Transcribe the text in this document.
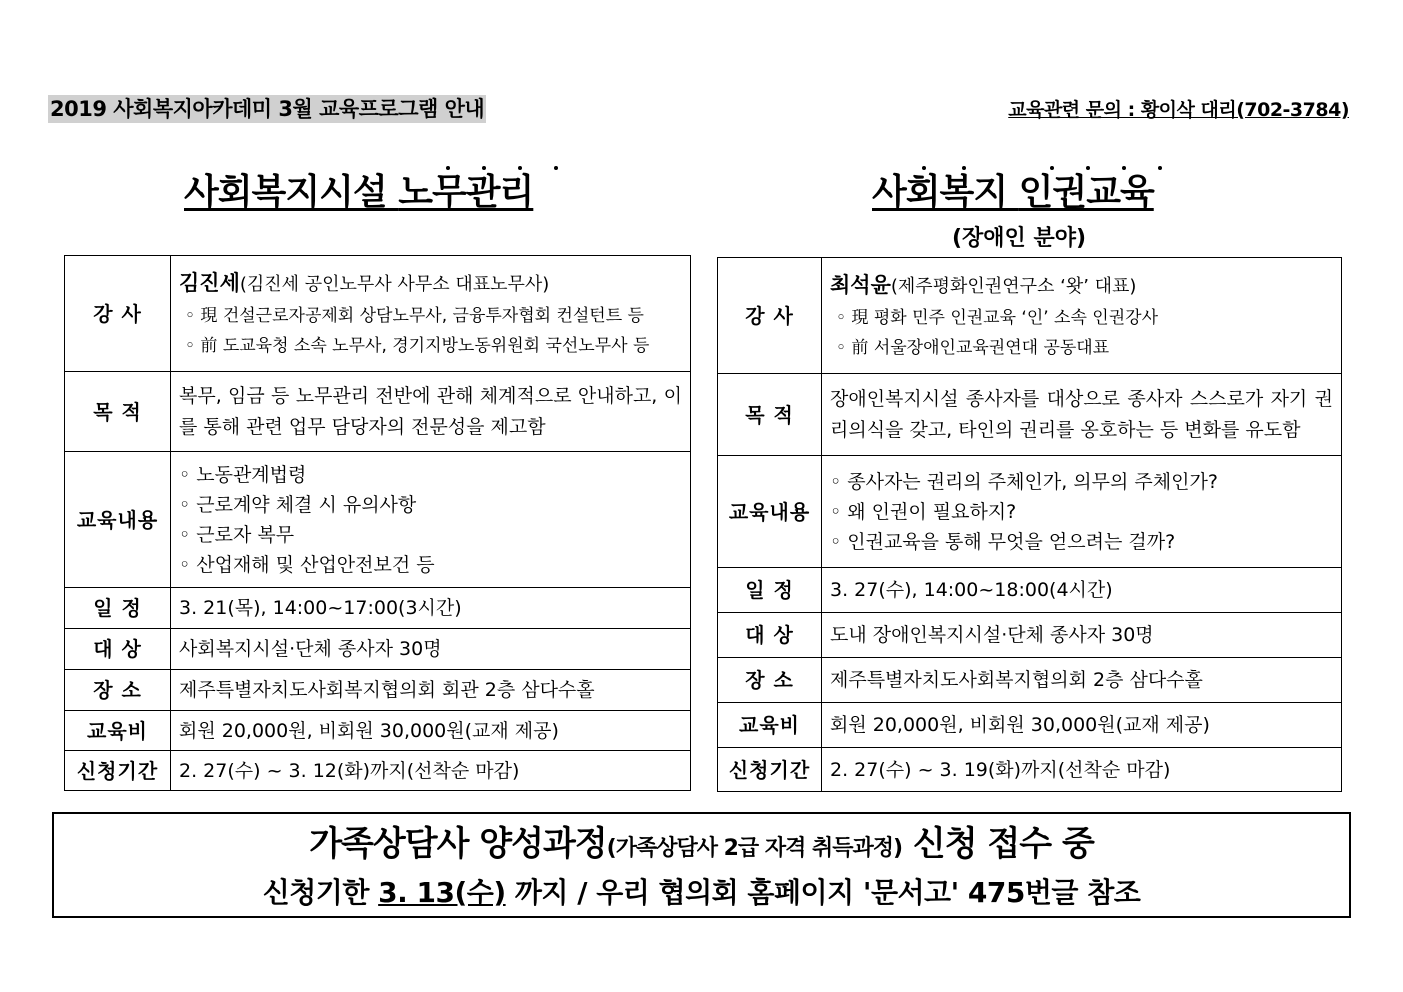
2019 사회복지아카데미 3월 교육프로그램 안내	교육관련 문의 : 황이삭 대리(702-3784)
사회복지시설 노무관리
강 사	김진세(김진세 공인노무사 사무소 대표노무사)
◦ 現 건설근로자공제회 상담노무사, 금융투자협회 컨설턴트 등
◦ 前 도교육청 소속 노무사, 경기지방노동위원회 국선노무사 등

목 적	복무, 임금 등 노무관리 전반에 관해 체계적으로 안내하고, 이를 통해 관련 업무 담당자의 전문성을 제고함
교육내용	◦ 노동관계법령
◦ 근로계약 체결 시 유의사항
◦ 근로자 복무
◦ 산업재해 및 산업안전보건 등

일 정	3. 21(목), 14:00~17:00(3시간)
대 상	사회복지시설·단체 종사자 30명
장 소	제주특별자치도사회복지협의회 회관 2층 삼다수홀
교육비	회원 20,000원, 비회원 30,000원(교재 제공)
신청기간	2. 27(수) ~ 3. 12(화)까지(선착순 마감)
사회복지 인권교육
(장애인 분야)
강 사	최석윤(제주평화인권연구소 ‘왓’ 대표)
◦ 現 평화 민주 인권교육 ‘인’ 소속 인권강사
◦ 前 서울장애인교육권연대 공동대표

목 적	장애인복지시설 종사자를 대상으로 종사자 스스로가 자기 권리의식을 갖고, 타인의 권리를 옹호하는 등 변화를 유도함
교육내용	◦ 종사자는 권리의 주체인가, 의무의 주체인가?
◦ 왜 인권이 필요하지?
◦ 인권교육을 통해 무엇을 얻으려는 걸까?

일 정	3. 27(수), 14:00~18:00(4시간)
대 상	도내 장애인복지시설·단체 종사자 30명
장 소	제주특별자치도사회복지협의회 2층 삼다수홀
교육비	회원 20,000원, 비회원 30,000원(교재 제공)
신청기간	2. 27(수) ~ 3. 19(화)까지(선착순 마감)
가족상담사 양성과정(가족상담사 2급 자격 취득과정) 신청 접수 중
신청기한 3. 13(수) 까지 / 우리 협의회 홈페이지 '문서고' 475번글 참조
